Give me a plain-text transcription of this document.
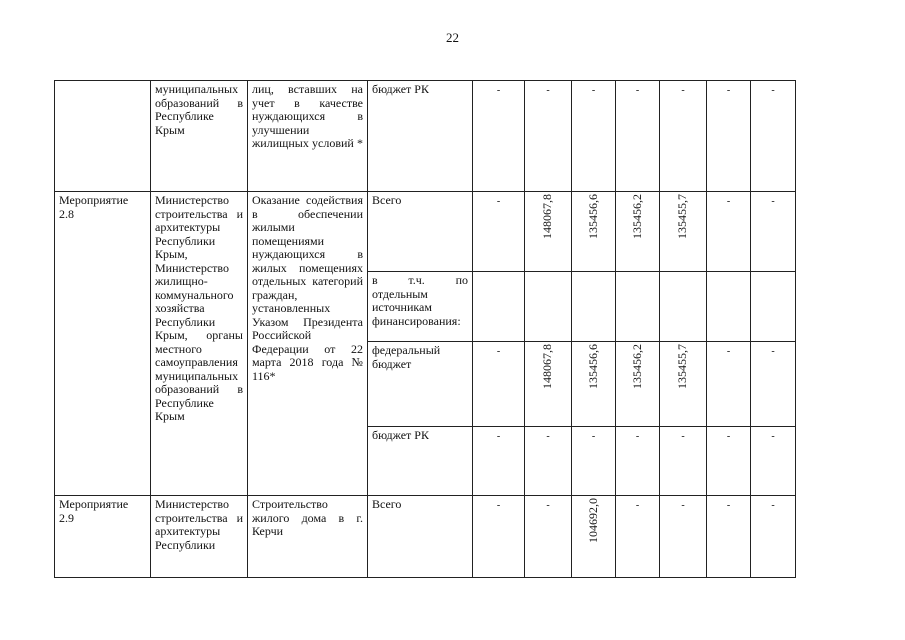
22
	муниципальных образований в Республике Крым	лиц, вставших на учет в качестве нуждающихся в улучшении жилищных условий *	бюджет РК	-	-	-	-	-	-	-
Мероприятие 2.8	Министерство строительства и архитектуры Республики Крым, Министерство жилищно-коммунального хозяйства Республики Крым, органы местного самоуправления муниципальных образований в Республике Крым	Оказание содействия в обеспечении жилыми помещениями нуждающихся в жилых помещениях отдельных категорий граждан, установленных Указом Президента Российской Федерации от 22 марта 2018 года № 116*	Всего	-	148067,8	135456,6	135456,2	135455,7	-	-
			в т.ч. по отдельным источникам финансирования:							
			федеральный бюджет	-	148067,8	135456,6	135456,2	135455,7	-	-
			бюджет РК	-	-	-	-	-	-	-
Мероприятие 2.9	Министерство строительства и архитектуры Республики	Строительство жилого дома в г. Керчи	Всего	-	-	104692,0	-	-	-	-
